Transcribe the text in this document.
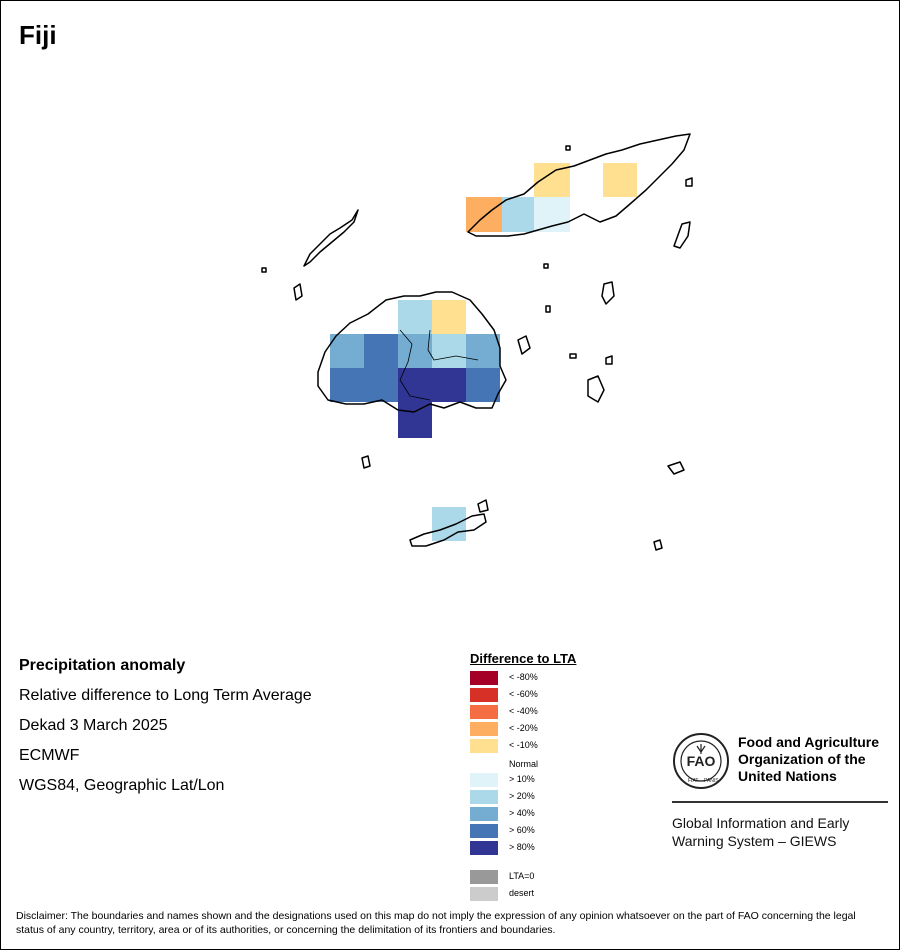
Fiji
Precipitation anomaly
Relative difference to Long Term Average
Dekad 3 March 2025
ECMWF
WGS84, Geographic Lat/Lon
Difference to LTA
< -80%
< -60%
< -40%
< -20%
< -10%
Normal
> 10%
> 20%
> 40%
> 60%
> 80%
LTA=0
desert
FAO
FIAT PANIS
Food and Agriculture
Organization of the
United Nations
Global Information and Early
Warning System – GIEWS
Disclaimer: The boundaries and names shown and the designations used on this map do not imply the expression of any opinion whatsoever on the part of FAO concerning the legal status of any country, territory, area or of its authorities, or concerning the delimitation of its frontiers and boundaries.
